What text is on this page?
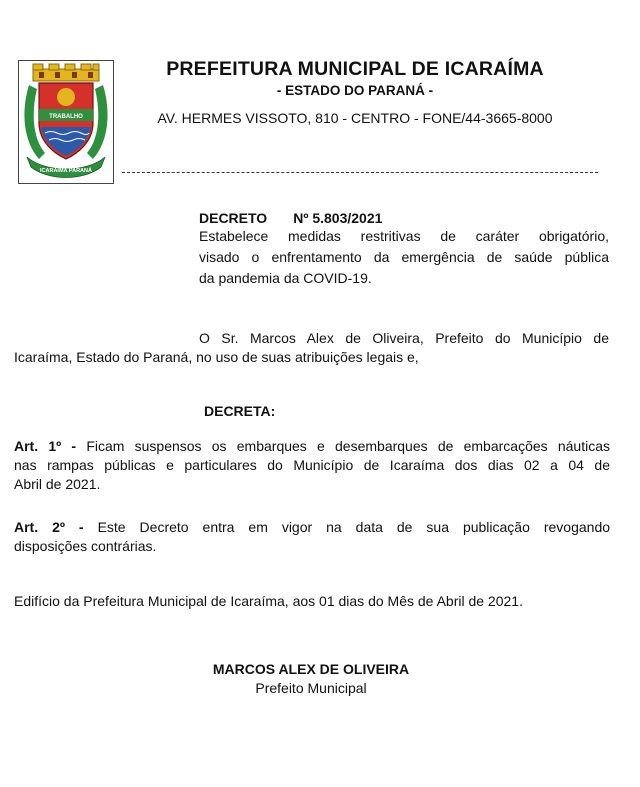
TRABALHO
ICARAÍMA PARANÁ
PREFEITURA MUNICIPAL DE ICARAÍMA
- ESTADO DO PARANÁ -
AV. HERMES VISSOTO, 810 - CENTRO - FONE/44-3665-8000
DECRETO Nº 5.803/2021
Estabelece medidas restritivas de caráter obrigatório,
visado o enfrentamento da emergência de saúde pública
da pandemia da COVID-19.
O Sr. Marcos Alex de Oliveira, Prefeito do Município de
Icaraíma, Estado do Paraná, no uso de suas atribuições legais e,
DECRETA:
Art. 1º - Ficam suspensos os embarques e desembarques de embarcações náuticas
nas rampas públicas e particulares do Município de Icaraíma dos dias 02 a 04 de
Abril de 2021.
Art. 2º - Este Decreto entra em vigor na data de sua publicação revogando
disposições contrárias.
Edifício da Prefeitura Municipal de Icaraíma, aos 01 dias do Mês de Abril de 2021.
MARCOS ALEX DE OLIVEIRA
Prefeito Municipal
